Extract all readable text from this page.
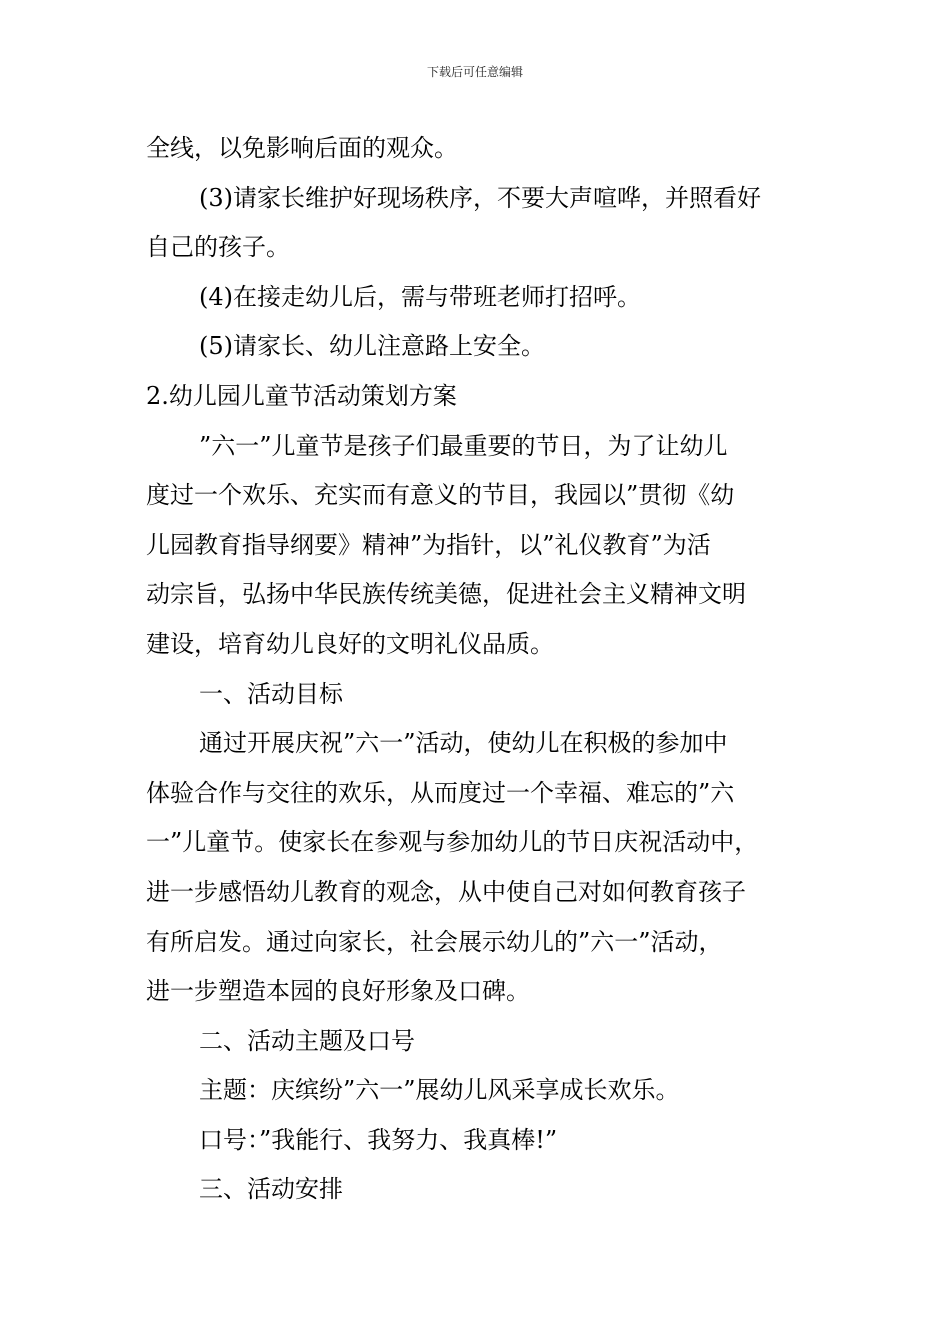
下载后可任意编辑
全线，以免影响后面的观众。
(3)请家长维护好现场秩序，不要大声喧哗，并照看好
自己的孩子。
(4)在接走幼儿后，需与带班老师打招呼。
(5)请家长、幼儿注意路上安全。
2.幼儿园儿童节活动策划方案
”六一”儿童节是孩子们最重要的节日，为了让幼儿
度过一个欢乐、充实而有意义的节目，我园以”贯彻《幼
儿园教育指导纲要》精神”为指针，以”礼仪教育”为活
动宗旨，弘扬中华民族传统美德，促进社会主义精神文明
建设，培育幼儿良好的文明礼仪品质。
一、活动目标
通过开展庆祝”六一”活动，使幼儿在积极的参加中
体验合作与交往的欢乐，从而度过一个幸福、难忘的”六
一”儿童节。使家长在参观与参加幼儿的节日庆祝活动中，
进一步感悟幼儿教育的观念，从中使自己对如何教育孩子
有所启发。通过向家长，社会展示幼儿的”六一”活动，
进一步塑造本园的良好形象及口碑。
二、活动主题及口号
主题：庆缤纷”六一”展幼儿风采享成长欢乐。
口号：”我能行、我努力、我真棒!”
三、活动安排
